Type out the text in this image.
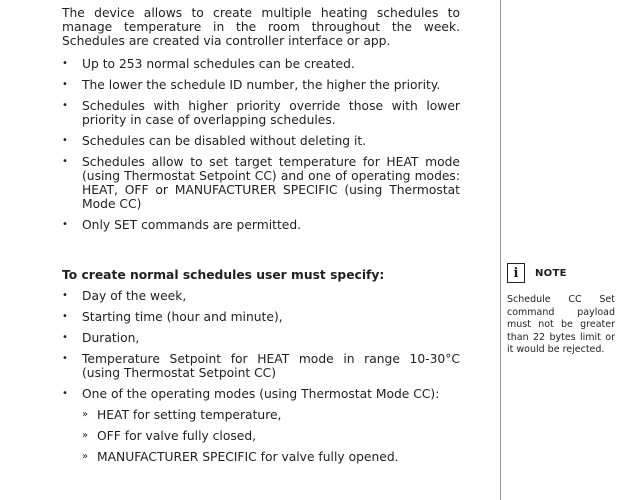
The device allows to create multiple heating schedules to manage temperature in the room throughout the week. Schedules are created via controller interface or app.

• Up to 253 normal schedules can be created.
• The lower the schedule ID number, the higher the priority.
• Schedules with higher priority override those with lower priority in case of overlapping schedules.
• Schedules can be disabled without deleting it.
• Schedules allow to set target temperature for HEAT mode (using Thermostat Setpoint CC) and one of operating modes: HEAT, OFF or MANUFACTURER SPECIFIC (using Thermostat Mode CC)
• Only SET commands are permitted.

To create normal schedules user must specify:

• Day of the week,
• Starting time (hour and minute),
• Duration,
• Temperature Setpoint for HEAT mode in range 10-30°C (using Thermostat Setpoint CC)
• One of the operating modes (using Thermostat Mode CC):
» HEAT for setting temperature,
» OFF for valve fully closed,
» MANUFACTURER SPECIFIC for valve fully opened.
i	NOTE

Schedule CC Set command payload must not be greater than 22 bytes limit or it would be rejected.
